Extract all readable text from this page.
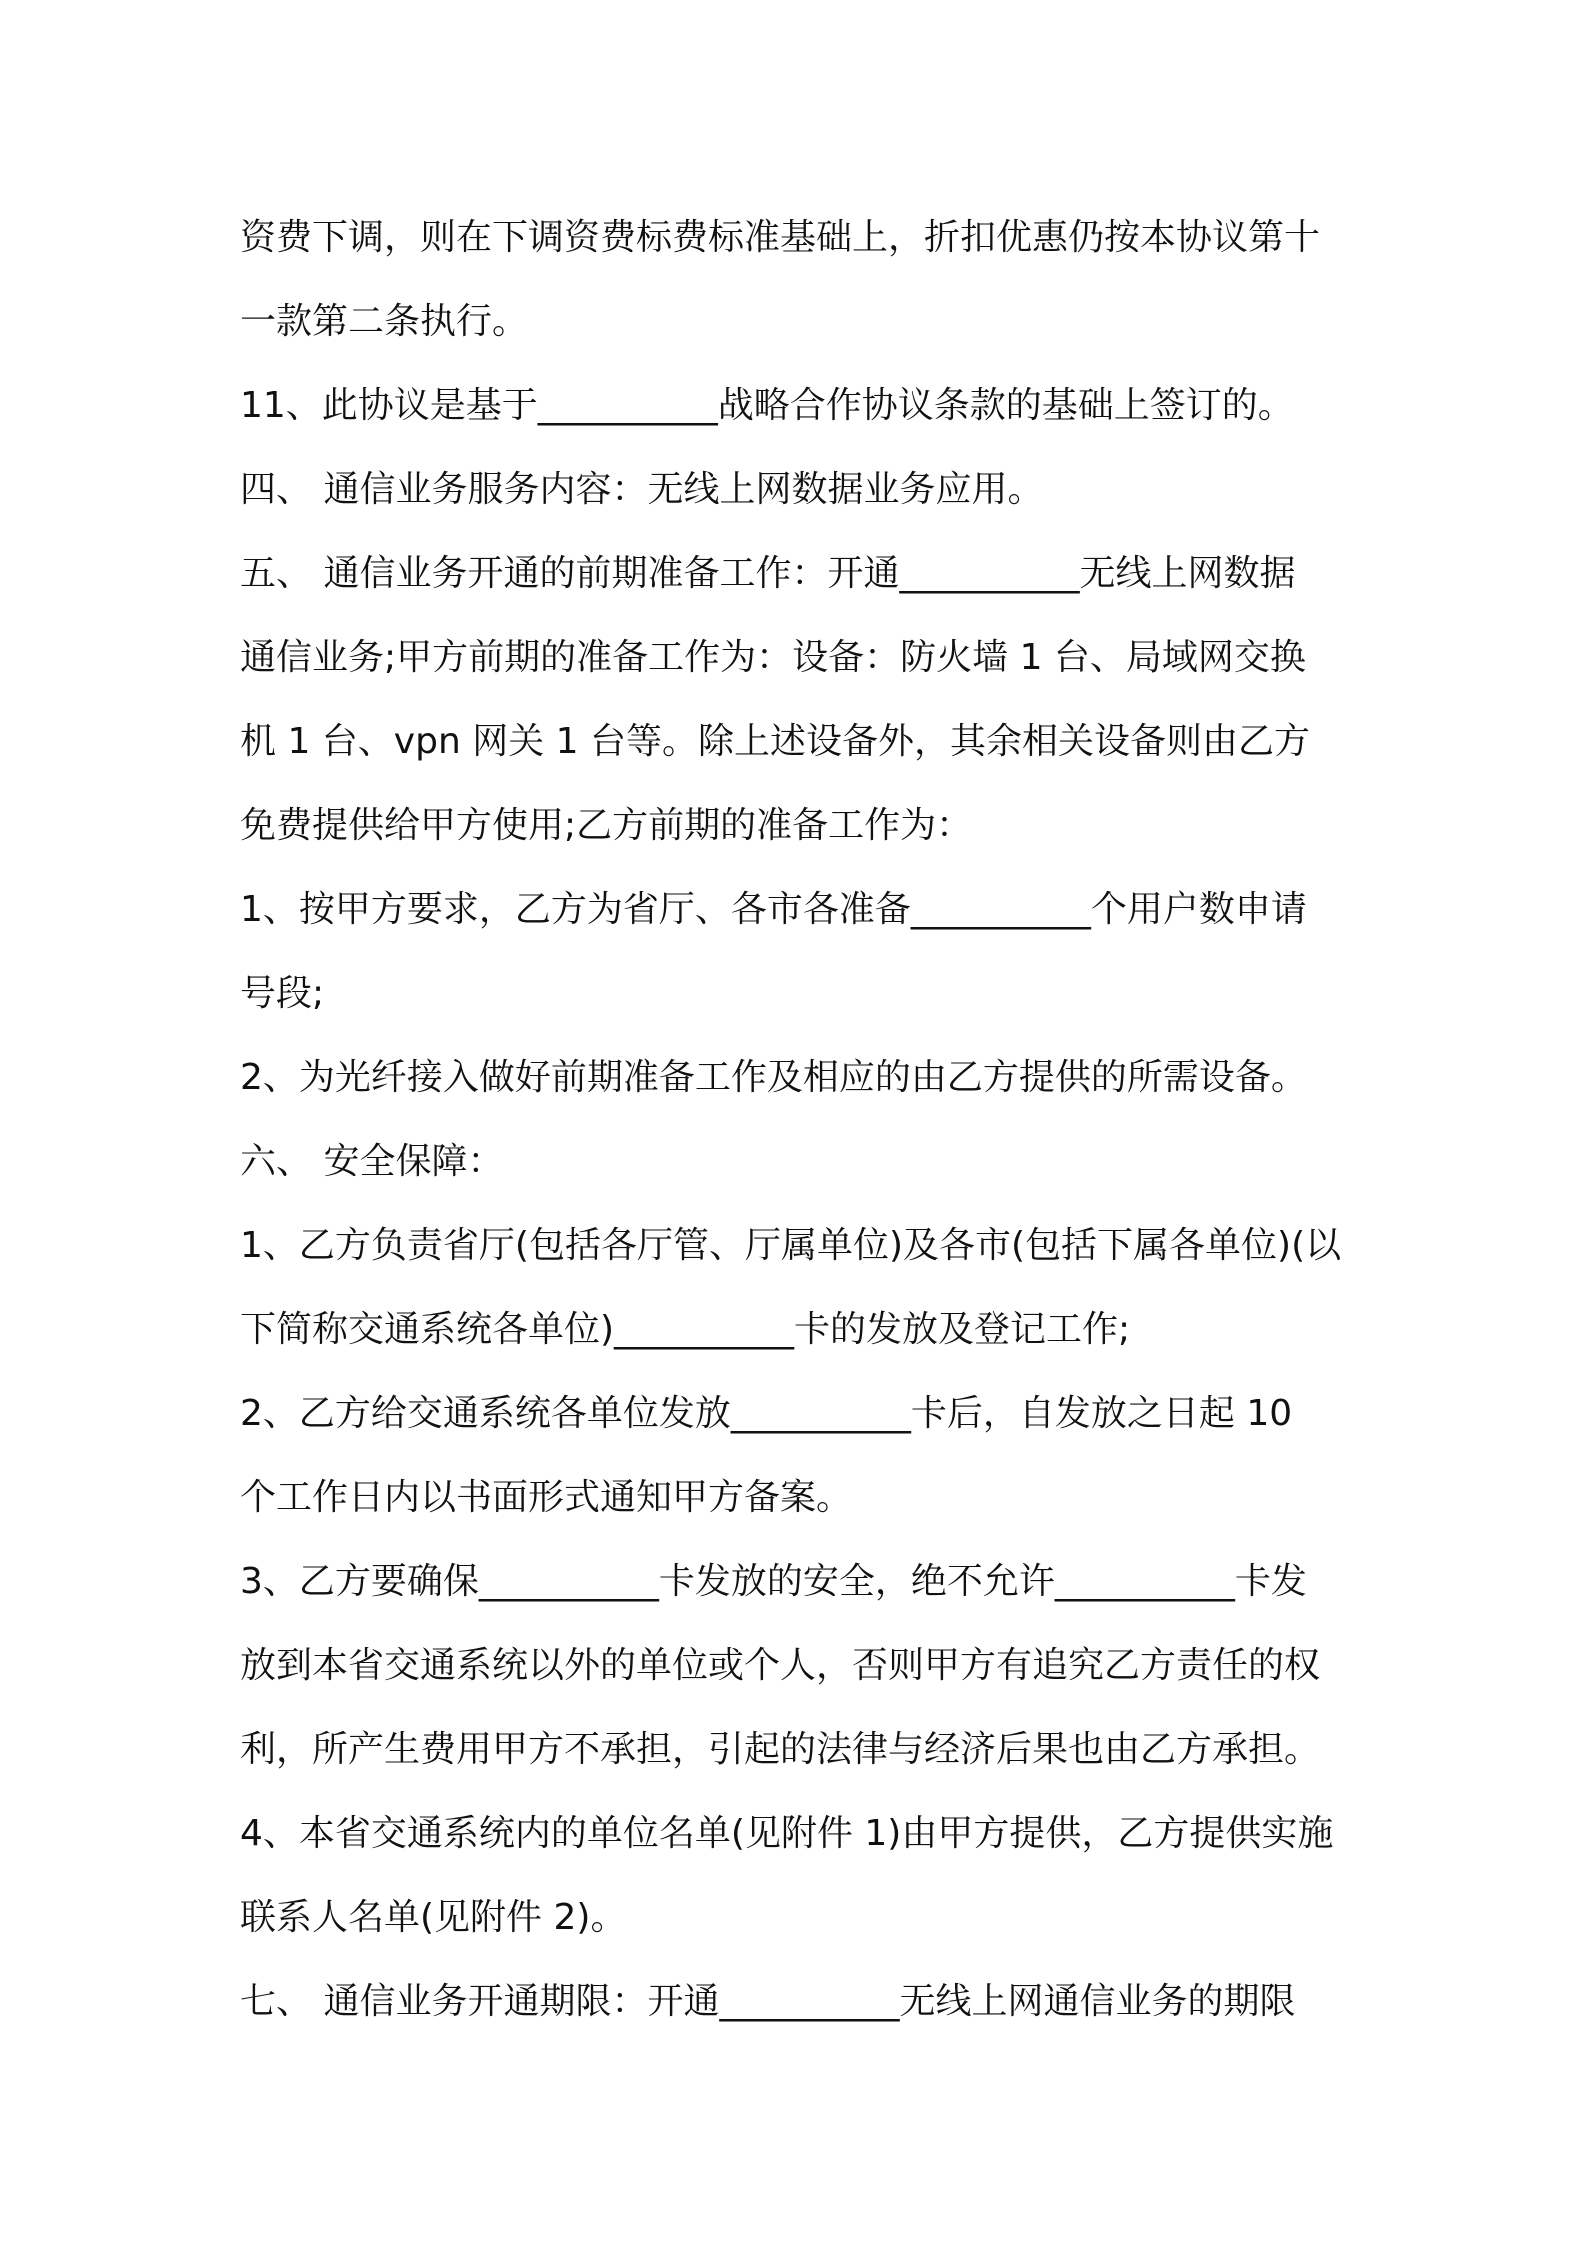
资费下调，则在下调资费标费标准基础上，折扣优惠仍按本协议第十
一款第二条执行。
11、此协议是基于__________战略合作协议条款的基础上签订的。
四、 通信业务服务内容：无线上网数据业务应用。
五、 通信业务开通的前期准备工作：开通__________无线上网数据
通信业务;甲方前期的准备工作为：设备：防火墙 1 台、局域网交换
机 1 台、vpn 网关 1 台等。除上述设备外，其余相关设备则由乙方
免费提供给甲方使用;乙方前期的准备工作为：
1、按甲方要求，乙方为省厅、各市各准备__________个用户数申请
号段;
2、为光纤接入做好前期准备工作及相应的由乙方提供的所需设备。
六、 安全保障：
1、乙方负责省厅(包括各厅管、厅属单位)及各市(包括下属各单位)(以
下简称交通系统各单位)__________卡的发放及登记工作;
2、乙方给交通系统各单位发放__________卡后，自发放之日起 10
个工作日内以书面形式通知甲方备案。
3、乙方要确保__________卡发放的安全，绝不允许__________卡发
放到本省交通系统以外的单位或个人，否则甲方有追究乙方责任的权
利，所产生费用甲方不承担，引起的法律与经济后果也由乙方承担。
4、本省交通系统内的单位名单(见附件 1)由甲方提供，乙方提供实施
联系人名单(见附件 2)。
七、 通信业务开通期限：开通__________无线上网通信业务的期限
